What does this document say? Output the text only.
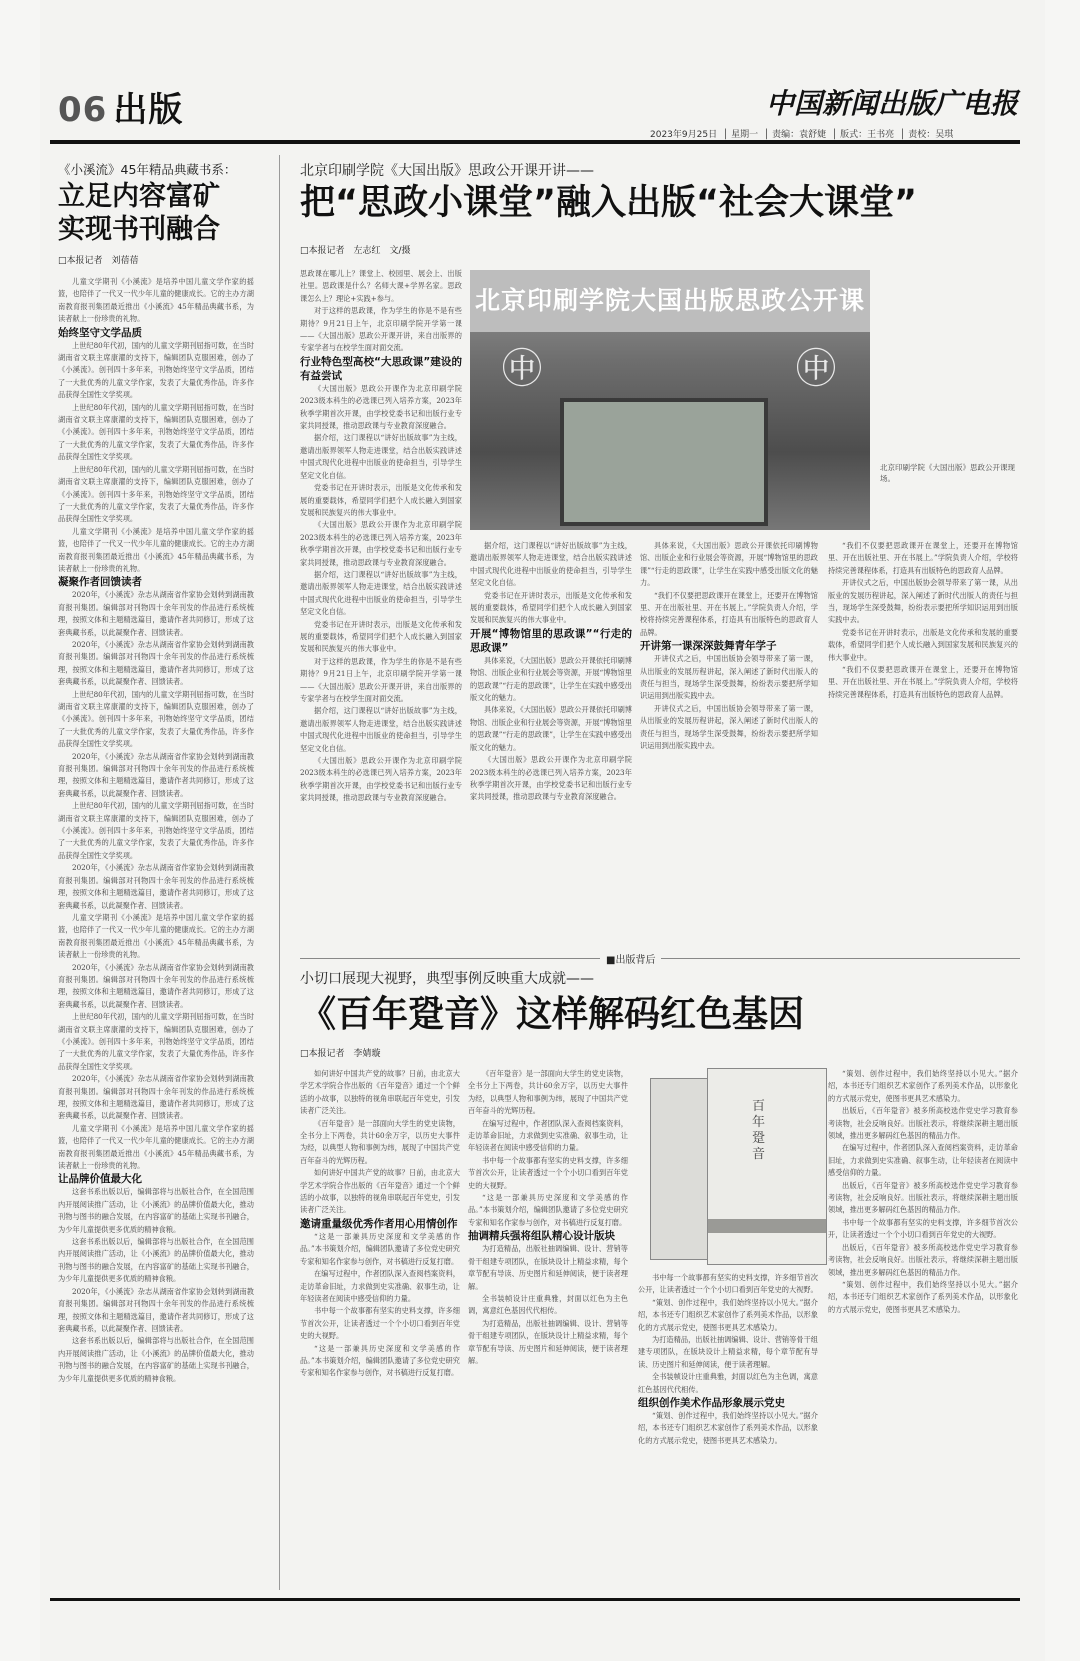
06 出版	中国新闻出版广电报
2023年9月25日  │ 星期一  │ 责编：袁舒婕  │ 版式：王书亮  │ 责校：吴琪
《小溪流》45年精品典藏书系：
立足内容富矿
实现书刊融合
□本报记者　刘蓓蓓

儿童文学期刊《小溪流》是培养中国儿童文学作家的摇篮，也陪伴了一代又一代少年儿童的健康成长。它的主办方湖南教育报刊集团最近推出《小溪流》45年精品典藏书系，为读者献上一份珍贵的礼物。

始终坚守文学品质

上世纪80年代初，国内的儿童文学期刊屈指可数，在当时湖南省文联主席康濯的支持下，编辑团队克服困难，创办了《小溪流》。创刊四十多年来，刊物始终坚守文学品质，团结了一大批优秀的儿童文学作家，发表了大量优秀作品，许多作品获得全国性文学奖项。

上世纪80年代初，国内的儿童文学期刊屈指可数，在当时湖南省文联主席康濯的支持下，编辑团队克服困难，创办了《小溪流》。创刊四十多年来，刊物始终坚守文学品质，团结了一大批优秀的儿童文学作家，发表了大量优秀作品，许多作品获得全国性文学奖项。

上世纪80年代初，国内的儿童文学期刊屈指可数，在当时湖南省文联主席康濯的支持下，编辑团队克服困难，创办了《小溪流》。创刊四十多年来，刊物始终坚守文学品质，团结了一大批优秀的儿童文学作家，发表了大量优秀作品，许多作品获得全国性文学奖项。

儿童文学期刊《小溪流》是培养中国儿童文学作家的摇篮，也陪伴了一代又一代少年儿童的健康成长。它的主办方湖南教育报刊集团最近推出《小溪流》45年精品典藏书系，为读者献上一份珍贵的礼物。

凝聚作者回馈读者

2020年，《小溪流》杂志从湖南省作家协会划转到湖南教育报刊集团。编辑部对刊物四十余年刊发的作品进行系统梳理，按照文体和主题精选篇目，邀请作者共同修订，形成了这套典藏书系，以此凝聚作者、回馈读者。

2020年，《小溪流》杂志从湖南省作家协会划转到湖南教育报刊集团。编辑部对刊物四十余年刊发的作品进行系统梳理，按照文体和主题精选篇目，邀请作者共同修订，形成了这套典藏书系，以此凝聚作者、回馈读者。

上世纪80年代初，国内的儿童文学期刊屈指可数，在当时湖南省文联主席康濯的支持下，编辑团队克服困难，创办了《小溪流》。创刊四十多年来，刊物始终坚守文学品质，团结了一大批优秀的儿童文学作家，发表了大量优秀作品，许多作品获得全国性文学奖项。

2020年，《小溪流》杂志从湖南省作家协会划转到湖南教育报刊集团。编辑部对刊物四十余年刊发的作品进行系统梳理，按照文体和主题精选篇目，邀请作者共同修订，形成了这套典藏书系，以此凝聚作者、回馈读者。

上世纪80年代初，国内的儿童文学期刊屈指可数，在当时湖南省文联主席康濯的支持下，编辑团队克服困难，创办了《小溪流》。创刊四十多年来，刊物始终坚守文学品质，团结了一大批优秀的儿童文学作家，发表了大量优秀作品，许多作品获得全国性文学奖项。

2020年，《小溪流》杂志从湖南省作家协会划转到湖南教育报刊集团。编辑部对刊物四十余年刊发的作品进行系统梳理，按照文体和主题精选篇目，邀请作者共同修订，形成了这套典藏书系，以此凝聚作者、回馈读者。

儿童文学期刊《小溪流》是培养中国儿童文学作家的摇篮，也陪伴了一代又一代少年儿童的健康成长。它的主办方湖南教育报刊集团最近推出《小溪流》45年精品典藏书系，为读者献上一份珍贵的礼物。

2020年，《小溪流》杂志从湖南省作家协会划转到湖南教育报刊集团。编辑部对刊物四十余年刊发的作品进行系统梳理，按照文体和主题精选篇目，邀请作者共同修订，形成了这套典藏书系，以此凝聚作者、回馈读者。

上世纪80年代初，国内的儿童文学期刊屈指可数，在当时湖南省文联主席康濯的支持下，编辑团队克服困难，创办了《小溪流》。创刊四十多年来，刊物始终坚守文学品质，团结了一大批优秀的儿童文学作家，发表了大量优秀作品，许多作品获得全国性文学奖项。

2020年，《小溪流》杂志从湖南省作家协会划转到湖南教育报刊集团。编辑部对刊物四十余年刊发的作品进行系统梳理，按照文体和主题精选篇目，邀请作者共同修订，形成了这套典藏书系，以此凝聚作者、回馈读者。

儿童文学期刊《小溪流》是培养中国儿童文学作家的摇篮，也陪伴了一代又一代少年儿童的健康成长。它的主办方湖南教育报刊集团最近推出《小溪流》45年精品典藏书系，为读者献上一份珍贵的礼物。

让品牌价值最大化

这套书系出版以后，编辑部将与出版社合作，在全国范围内开展阅读推广活动，让《小溪流》的品牌价值最大化，推动刊物与图书的融合发展，在内容富矿的基础上实现书刊融合，为少年儿童提供更多优质的精神食粮。

这套书系出版以后，编辑部将与出版社合作，在全国范围内开展阅读推广活动，让《小溪流》的品牌价值最大化，推动刊物与图书的融合发展，在内容富矿的基础上实现书刊融合，为少年儿童提供更多优质的精神食粮。

2020年，《小溪流》杂志从湖南省作家协会划转到湖南教育报刊集团。编辑部对刊物四十余年刊发的作品进行系统梳理，按照文体和主题精选篇目，邀请作者共同修订，形成了这套典藏书系，以此凝聚作者、回馈读者。

这套书系出版以后，编辑部将与出版社合作，在全国范围内开展阅读推广活动，让《小溪流》的品牌价值最大化，推动刊物与图书的融合发展，在内容富矿的基础上实现书刊融合，为少年儿童提供更多优质的精神食粮。

北京印刷学院《大国出版》思政公开课开讲——
把“思政小课堂”融入出版“社会大课堂”
□本报记者　左志红　文/摄

思政课在哪儿上？课堂上、校园里、展会上、出版社里。思政课是什么？名师大课+学界名家。思政课怎么上？理论+实践+参与。

对于这样的思政课，作为学生的你是不是有些期待？9月21日上午，北京印刷学院开学第一课——《大国出版》思政公开课开讲，来自出版界的专家学者与在校学生面对面交流。

行业特色型高校“大思政课”建设的有益尝试

《大国出版》思政公开课作为北京印刷学院2023级本科生的必选课已列入培养方案，2023年秋季学期首次开课，由学校党委书记和出版行业专家共同授课，推动思政课与专业教育深度融合。

据介绍，这门课程以“讲好出版故事”为主线，邀请出版界领军人物走进课堂，结合出版实践讲述中国式现代化进程中出版业的使命担当，引导学生坚定文化自信。

党委书记在开讲时表示，出版是文化传承和发展的重要载体，希望同学们把个人成长融入到国家发展和民族复兴的伟大事业中。

《大国出版》思政公开课作为北京印刷学院2023级本科生的必选课已列入培养方案，2023年秋季学期首次开课，由学校党委书记和出版行业专家共同授课，推动思政课与专业教育深度融合。

据介绍，这门课程以“讲好出版故事”为主线，邀请出版界领军人物走进课堂，结合出版实践讲述中国式现代化进程中出版业的使命担当，引导学生坚定文化自信。

党委书记在开讲时表示，出版是文化传承和发展的重要载体，希望同学们把个人成长融入到国家发展和民族复兴的伟大事业中。

对于这样的思政课，作为学生的你是不是有些期待？9月21日上午，北京印刷学院开学第一课——《大国出版》思政公开课开讲，来自出版界的专家学者与在校学生面对面交流。

据介绍，这门课程以“讲好出版故事”为主线，邀请出版界领军人物走进课堂，结合出版实践讲述中国式现代化进程中出版业的使命担当，引导学生坚定文化自信。

《大国出版》思政公开课作为北京印刷学院2023级本科生的必选课已列入培养方案，2023年秋季学期首次开课，由学校党委书记和出版行业专家共同授课，推动思政课与专业教育深度融合。

北京印刷学院大国出版思政公开课
㊥	㊥
北京印刷学院《大国出版》思政公开课现场。

据介绍，这门课程以“讲好出版故事”为主线，邀请出版界领军人物走进课堂，结合出版实践讲述中国式现代化进程中出版业的使命担当，引导学生坚定文化自信。

党委书记在开讲时表示，出版是文化传承和发展的重要载体，希望同学们把个人成长融入到国家发展和民族复兴的伟大事业中。

开展“博物馆里的思政课”“行走的思政课”

具体来说，《大国出版》思政公开课依托印刷博物馆、出版企业和行业展会等资源，开展“博物馆里的思政课”“行走的思政课”，让学生在实践中感受出版文化的魅力。

具体来说，《大国出版》思政公开课依托印刷博物馆、出版企业和行业展会等资源，开展“博物馆里的思政课”“行走的思政课”，让学生在实践中感受出版文化的魅力。

《大国出版》思政公开课作为北京印刷学院2023级本科生的必选课已列入培养方案，2023年秋季学期首次开课，由学校党委书记和出版行业专家共同授课，推动思政课与专业教育深度融合。

具体来说，《大国出版》思政公开课依托印刷博物馆、出版企业和行业展会等资源，开展“博物馆里的思政课”“行走的思政课”，让学生在实践中感受出版文化的魅力。

“我们不仅要把思政课开在课堂上，还要开在博物馆里、开在出版社里、开在书展上。”学院负责人介绍，学校将持续完善课程体系，打造具有出版特色的思政育人品牌。

开讲第一课深深鼓舞青年学子

开讲仪式之后，中国出版协会领导带来了第一课，从出版业的发展历程讲起，深入阐述了新时代出版人的责任与担当，现场学生深受鼓舞，纷纷表示要把所学知识运用到出版实践中去。

开讲仪式之后，中国出版协会领导带来了第一课，从出版业的发展历程讲起，深入阐述了新时代出版人的责任与担当，现场学生深受鼓舞，纷纷表示要把所学知识运用到出版实践中去。

“我们不仅要把思政课开在课堂上，还要开在博物馆里、开在出版社里、开在书展上。”学院负责人介绍，学校将持续完善课程体系，打造具有出版特色的思政育人品牌。

开讲仪式之后，中国出版协会领导带来了第一课，从出版业的发展历程讲起，深入阐述了新时代出版人的责任与担当，现场学生深受鼓舞，纷纷表示要把所学知识运用到出版实践中去。

党委书记在开讲时表示，出版是文化传承和发展的重要载体，希望同学们把个人成长融入到国家发展和民族复兴的伟大事业中。

“我们不仅要把思政课开在课堂上，还要开在博物馆里、开在出版社里、开在书展上。”学院负责人介绍，学校将持续完善课程体系，打造具有出版特色的思政育人品牌。

■出版背后
小切口展现大视野，典型事例反映重大成就——
《百年跫音》这样解码红色基因
□本报记者　李婧璇

如何讲好中国共产党的故事？日前，由北京大学艺术学院合作出版的《百年跫音》通过一个个鲜活的小故事，以独特的视角串联起百年党史，引发读者广泛关注。

《百年跫音》是一部面向大学生的党史读物，全书分上下两卷，共计60余万字，以历史大事件为经，以典型人物和事例为纬，展现了中国共产党百年奋斗的光辉历程。

如何讲好中国共产党的故事？日前，由北京大学艺术学院合作出版的《百年跫音》通过一个个鲜活的小故事，以独特的视角串联起百年党史，引发读者广泛关注。

邀请重量级优秀作者用心用情创作

“这是一部兼具历史深度和文学美感的作品。”本书策划介绍，编辑团队邀请了多位党史研究专家和知名作家参与创作，对书稿进行反复打磨。

在编写过程中，作者团队深入查阅档案资料，走访革命旧址，力求做到史实准确、叙事生动，让年轻读者在阅读中感受信仰的力量。

书中每一个故事都有坚实的史料支撑，许多细节首次公开，让读者透过一个个小切口看到百年党史的大视野。

“这是一部兼具历史深度和文学美感的作品。”本书策划介绍，编辑团队邀请了多位党史研究专家和知名作家参与创作，对书稿进行反复打磨。

《百年跫音》是一部面向大学生的党史读物，全书分上下两卷，共计60余万字，以历史大事件为经，以典型人物和事例为纬，展现了中国共产党百年奋斗的光辉历程。

在编写过程中，作者团队深入查阅档案资料，走访革命旧址，力求做到史实准确、叙事生动，让年轻读者在阅读中感受信仰的力量。

书中每一个故事都有坚实的史料支撑，许多细节首次公开，让读者透过一个个小切口看到百年党史的大视野。

“这是一部兼具历史深度和文学美感的作品。”本书策划介绍，编辑团队邀请了多位党史研究专家和知名作家参与创作，对书稿进行反复打磨。

抽调精兵强将组队精心设计版块

为打造精品，出版社抽调编辑、设计、营销等骨干组建专项团队，在版块设计上精益求精，每个章节配有导读、历史图片和延伸阅读，便于读者理解。

全书装帧设计庄重典雅，封面以红色为主色调，寓意红色基因代代相传。

为打造精品，出版社抽调编辑、设计、营销等骨干组建专项团队，在版块设计上精益求精，每个章节配有导读、历史图片和延伸阅读，便于读者理解。

百年跫音

书中每一个故事都有坚实的史料支撑，许多细节首次公开，让读者透过一个个小切口看到百年党史的大视野。

“策划、创作过程中，我们始终坚持以小见大。”据介绍，本书还专门组织艺术家创作了系列美术作品，以形象化的方式展示党史，使图书更具艺术感染力。

为打造精品，出版社抽调编辑、设计、营销等骨干组建专项团队，在版块设计上精益求精，每个章节配有导读、历史图片和延伸阅读，便于读者理解。

全书装帧设计庄重典雅，封面以红色为主色调，寓意红色基因代代相传。

组织创作美术作品形象展示党史

“策划、创作过程中，我们始终坚持以小见大。”据介绍，本书还专门组织艺术家创作了系列美术作品，以形象化的方式展示党史，使图书更具艺术感染力。

“策划、创作过程中，我们始终坚持以小见大。”据介绍，本书还专门组织艺术家创作了系列美术作品，以形象化的方式展示党史，使图书更具艺术感染力。

出版后，《百年跫音》被多所高校选作党史学习教育参考读物，社会反响良好。出版社表示，将继续深耕主题出版领域，推出更多解码红色基因的精品力作。

在编写过程中，作者团队深入查阅档案资料，走访革命旧址，力求做到史实准确、叙事生动，让年轻读者在阅读中感受信仰的力量。

出版后，《百年跫音》被多所高校选作党史学习教育参考读物，社会反响良好。出版社表示，将继续深耕主题出版领域，推出更多解码红色基因的精品力作。

书中每一个故事都有坚实的史料支撑，许多细节首次公开，让读者透过一个个小切口看到百年党史的大视野。

出版后，《百年跫音》被多所高校选作党史学习教育参考读物，社会反响良好。出版社表示，将继续深耕主题出版领域，推出更多解码红色基因的精品力作。

“策划、创作过程中，我们始终坚持以小见大。”据介绍，本书还专门组织艺术家创作了系列美术作品，以形象化的方式展示党史，使图书更具艺术感染力。
